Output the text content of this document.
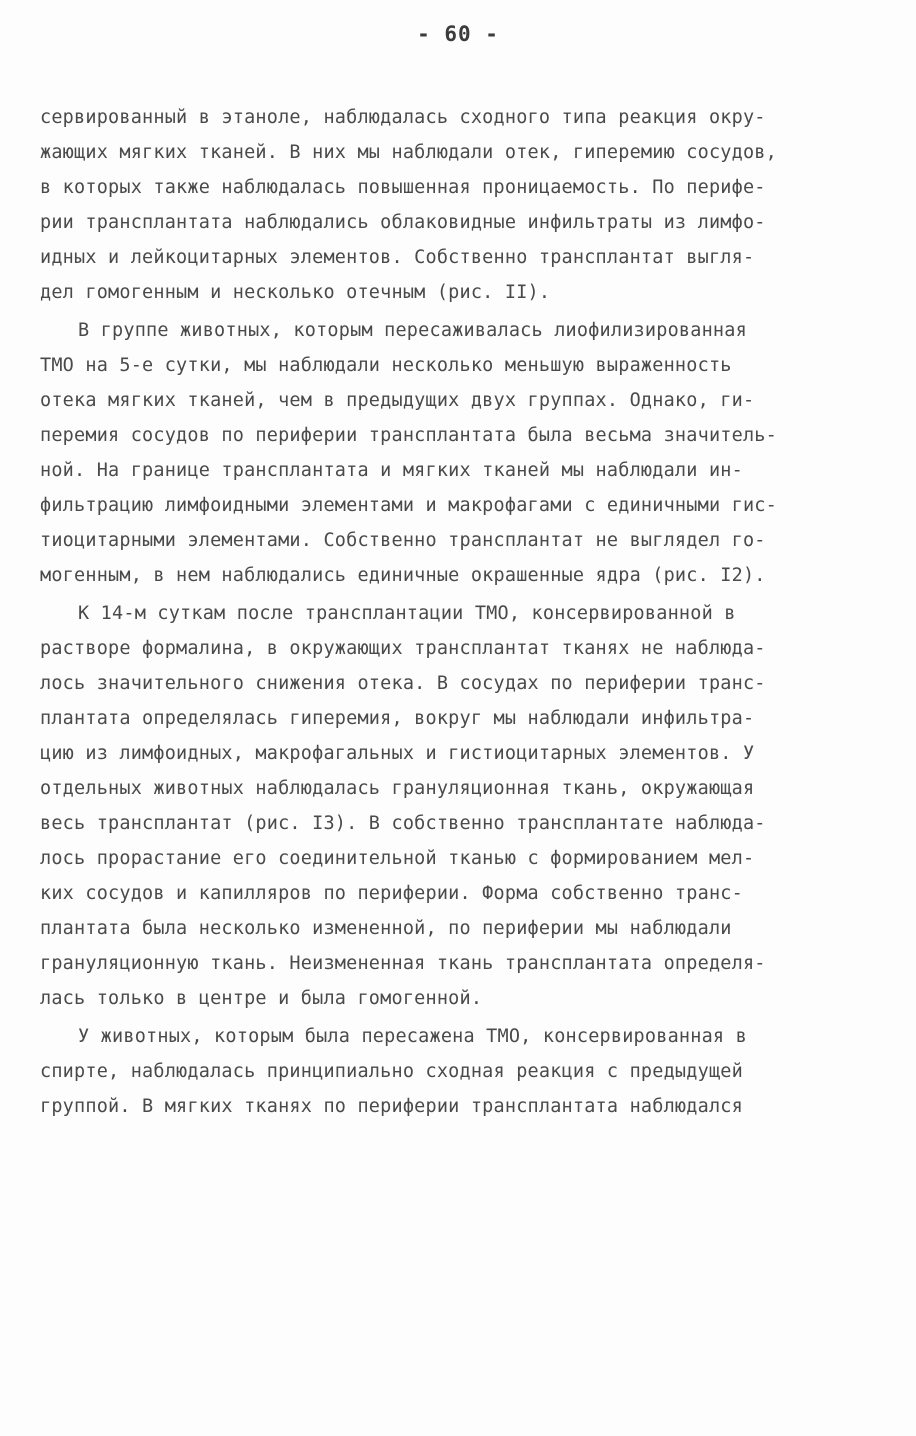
- 60 -
сервированный в этаноле, наблюдалась сходного типа реакция окру-
жающих мягких тканей. В них мы наблюдали отек, гиперемию сосудов,
в которых также наблюдалась повышенная проницаемость. По перифе-
рии трансплантата наблюдались облаковидные инфильтраты из лимфо-
идных и лейкоцитарных элементов. Собственно трансплантат выгля-
дел гомогенным и несколько отечным (рис. II).
В группе животных, которым пересаживалась лиофилизированная
ТМО на 5-е сутки, мы наблюдали несколько меньшую выраженность
отека мягких тканей, чем в предыдущих двух группах. Однако, ги-
перемия сосудов по периферии трансплантата была весьма значитель-
ной. На границе трансплантата и мягких тканей мы наблюдали ин-
фильтрацию лимфоидными элементами и макрофагами с единичными гис-
тиоцитарными элементами. Собственно трансплантат не выглядел го-
могенным, в нем наблюдались единичные окрашенные ядра (рис. I2).
К 14-м суткам после трансплантации ТМО, консервированной в
растворе формалина, в окружающих трансплантат тканях не наблюда-
лось значительного снижения отека. В сосудах по периферии транс-
плантата определялась гиперемия, вокруг мы наблюдали инфильтра-
цию из лимфоидных, макрофагальных и гистиоцитарных элементов. У
отдельных животных наблюдалась грануляционная ткань, окружающая
весь трансплантат (рис. I3). В собственно трансплантате наблюда-
лось прорастание его соединительной тканью с формированием мел-
ких сосудов и капилляров по периферии. Форма собственно транс-
плантата была несколько измененной, по периферии мы наблюдали
грануляционную ткань. Неизмененная ткань трансплантата определя-
лась только в центре и была гомогенной.
У животных, которым была пересажена ТМО, консервированная в
спирте, наблюдалась принципиально сходная реакция с предыдущей
группой. В мягких тканях по периферии трансплантата наблюдался
